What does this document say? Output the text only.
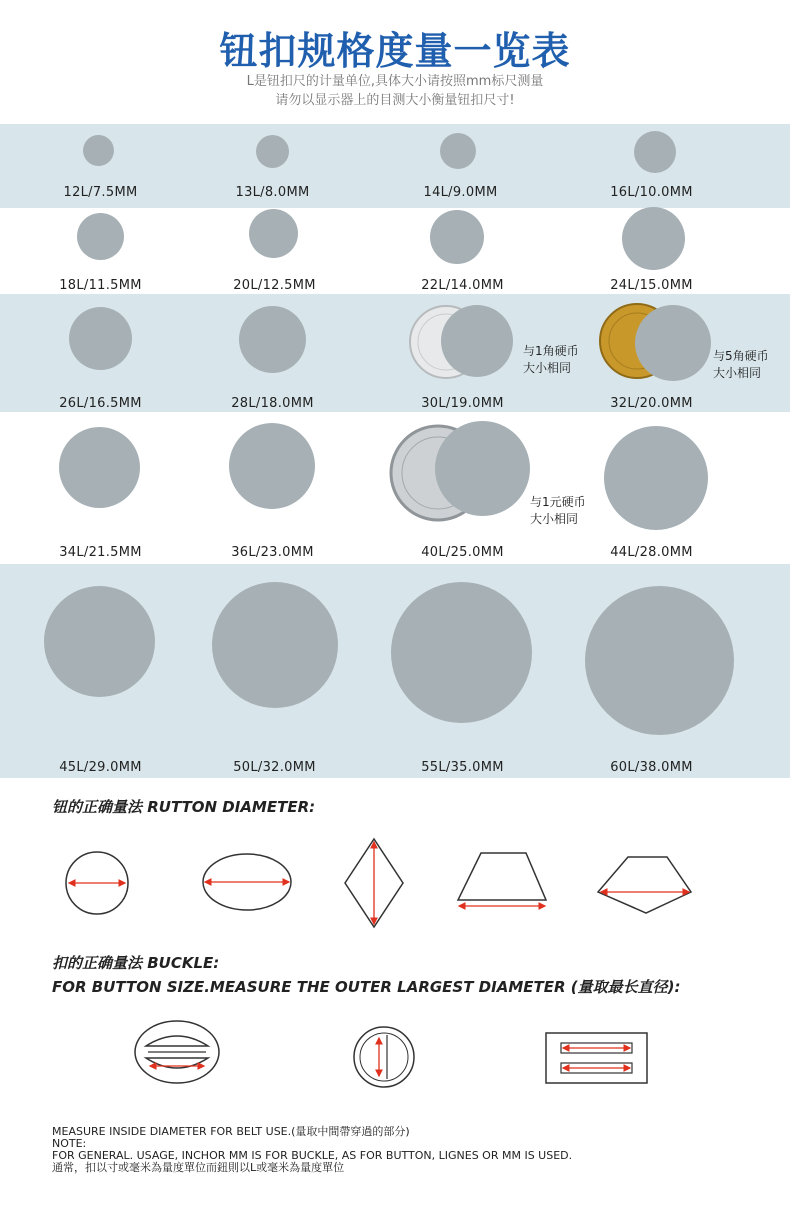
钮扣规格度量一览表
L是钮扣尺的计量单位,具体大小请按照mm标尺测量
请勿以显示器上的目测大小衡量钮扣尺寸!
12L/7.5MM	13L/8.0MM	14L/9.0MM	16L/10.0MM
18L/11.5MM	20L/12.5MM	22L/14.0MM	24L/15.0MM
与1角硬币
大小相同
与5角硬币
大小相同
26L/16.5MM	28L/18.0MM	30L/19.0MM	32L/20.0MM
与1元硬币
大小相同
34L/21.5MM	36L/23.0MM	40L/25.0MM	44L/28.0MM
45L/29.0MM	50L/32.0MM	55L/35.0MM	60L/38.0MM
钮的正确量法 RUTTON DIAMETER:
扣的正确量法 BUCKLE:
FOR BUTTON SIZE.MEASURE THE OUTER LARGEST DIAMETER (量取最长直径):
MEASURE INSIDE DIAMETER FOR BELT USE.(量取中間帶穿過的部分)
NOTE:
FOR GENERAL. USAGE, INCHOR MM IS FOR BUCKLE, AS FOR BUTTON, LIGNES OR MM IS USED.
通常，扣以寸或毫米為量度單位而鈕則以L或毫米為量度單位
